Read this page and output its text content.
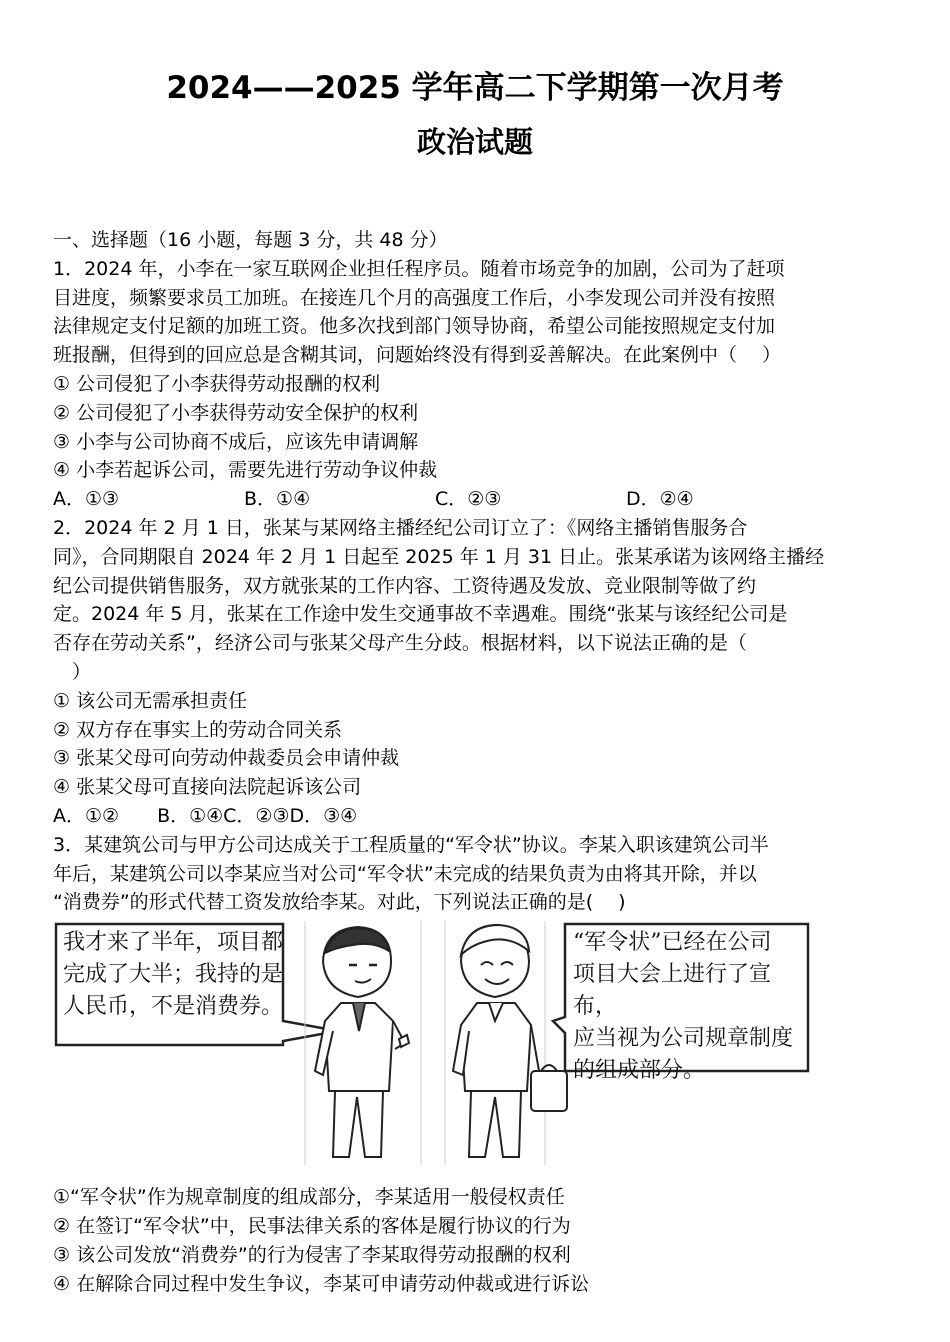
2024——2025 学年高二下学期第一次月考
政治试题
一、选择题（16 小题，每题 3 分，共 48 分）
1．2024 年，小李在一家互联网企业担任程序员。随着市场竞争的加剧，公司为了赶项
目进度，频繁要求员工加班。在接连几个月的高强度工作后，小李发现公司并没有按照
法律规定支付足额的加班工资。他多次找到部门领导协商，希望公司能按照规定支付加
班报酬，但得到的回应总是含糊其词，问题始终没有得到妥善解决。在此案例中（　 ）
① 公司侵犯了小李获得劳动报酬的权利
② 公司侵犯了小李获得劳动安全保护的权利
③ 小李与公司协商不成后，应该先申请调解
④ 小李若起诉公司，需要先进行劳动争议仲裁
A．①③	B．①④	C．②③	D．②④
2．2024 年 2 月 1 日，张某与某网络主播经纪公司订立了：《网络主播销售服务合
同》，合同期限自 2024 年 2 月 1 日起至 2025 年 1 月 31 日止。张某承诺为该网络主播经
纪公司提供销售服务，双方就张某的工作内容、工资待遇及发放、竞业限制等做了约
定。2024 年 5 月，张某在工作途中发生交通事故不幸遇难。围绕“张某与该经纪公司是
否存在劳动关系”，经济公司与张某父母产生分歧。根据材料，以下说法正确的是（
　）
① 该公司无需承担责任
② 双方存在事实上的劳动合同关系
③ 张某父母可向劳动仲裁委员会申请仲裁
④ 张某父母可直接向法院起诉该公司
A．①②　　B．①④C．②③D．③④
3．某建筑公司与甲方公司达成关于工程质量的“军令状”协议。李某入职该建筑公司半
年后，某建筑公司以李某应当对公司“军令状”未完成的结果负责为由将其开除，并以
“消费券”的形式代替工资发放给李某。对此，下列说法正确的是(　 )
我才来了半年，项目都
完成了大半；我持的是
人民币，不是消费券。
“军令状”已经在公司
项目大会上进行了宣布，
应当视为公司规章制度
的组成部分。
①“军令状”作为规章制度的组成部分，李某适用一般侵权责任
② 在签订“军令状”中，民事法律关系的客体是履行协议的行为
③ 该公司发放“消费券”的行为侵害了李某取得劳动报酬的权利
④ 在解除合同过程中发生争议，李某可申请劳动仲裁或进行诉讼
